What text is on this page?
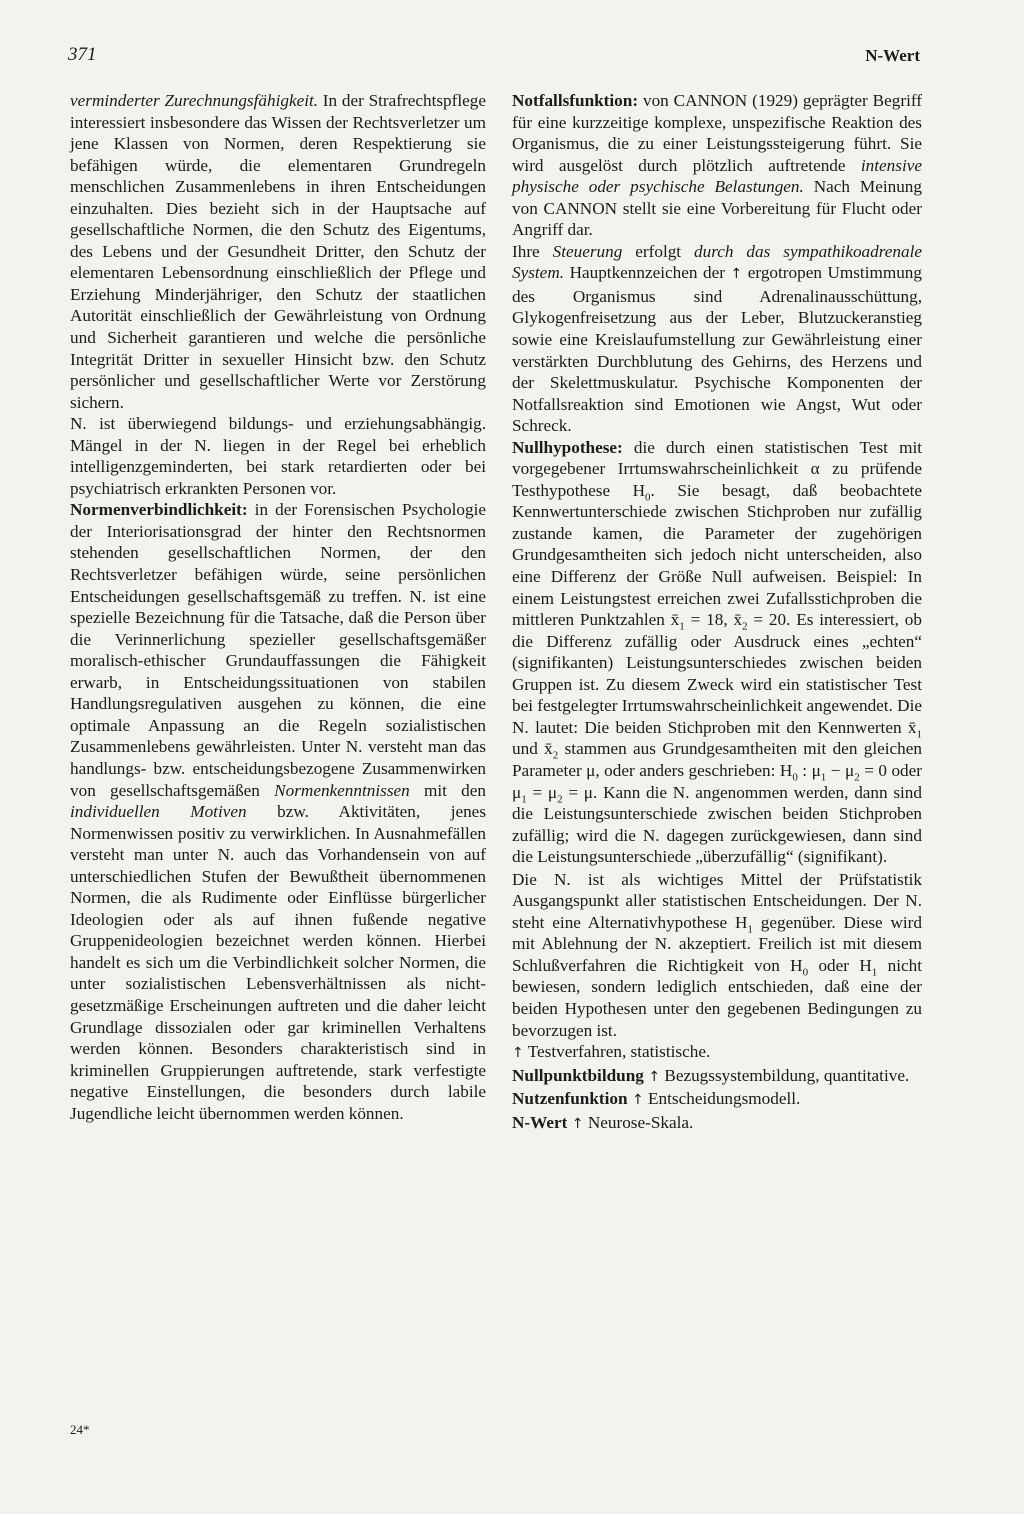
371	N-Wert

verminderter Zurechnungsfähigkeit. In der Strafrechtspflege interessiert insbesondere das Wissen der Rechtsverletzer um jene Klassen von Normen, deren Respektierung sie befähigen würde, die elementaren Grundregeln menschlichen Zusammenlebens in ihren Entscheidungen einzuhalten. Dies bezieht sich in der Hauptsache auf gesellschaftliche Normen, die den Schutz des Eigentums, des Lebens und der Gesundheit Dritter, den Schutz der elementaren Lebensordnung einschließlich der Pflege und Erziehung Minderjähriger, den Schutz der staatlichen Autorität einschließlich der Gewährleistung von Ordnung und Sicherheit garantieren und welche die persönliche Integrität Dritter in sexueller Hinsicht bzw. den Schutz persönlicher und gesellschaftlicher Werte vor Zerstörung sichern.

N. ist überwiegend bildungs- und erziehungsabhängig. Mängel in der N. liegen in der Regel bei erheblich intelligenzgeminderten, bei stark retardierten oder bei psychiatrisch erkrankten Personen vor.

Normenverbindlichkeit: in der Forensischen Psychologie der Interiorisationsgrad der hinter den Rechtsnormen stehenden gesellschaftlichen Normen, der den Rechtsverletzer befähigen würde, seine persönlichen Entscheidungen gesellschaftsgemäß zu treffen. N. ist eine spezielle Bezeichnung für die Tatsache, daß die Person über die Verinnerlichung spezieller gesellschaftsgemäßer moralisch-ethischer Grundauffassungen die Fähigkeit erwarb, in Entscheidungssituationen von stabilen Handlungsregulativen ausgehen zu können, die eine optimale Anpassung an die Regeln sozialistischen Zusammenlebens gewährleisten. Unter N. versteht man das handlungs- bzw. entscheidungsbezogene Zusammenwirken von gesellschaftsgemäßen Normenkenntnissen mit den individuellen Motiven bzw. Aktivitäten, jenes Normenwissen positiv zu verwirklichen. In Ausnahmefällen versteht man unter N. auch das Vorhandensein von auf unterschiedlichen Stufen der Bewußtheit übernommenen Normen, die als Rudimente oder Einflüsse bürgerlicher Ideologien oder als auf ihnen fußende negative Gruppenideologien bezeichnet werden können. Hierbei handelt es sich um die Verbindlichkeit solcher Normen, die unter sozialistischen Lebensverhältnissen als nicht-gesetzmäßige Erscheinungen auftreten und die daher leicht Grundlage dissozialen oder gar kriminellen Verhaltens werden können. Besonders charakteristisch sind in kriminellen Gruppierungen auftretende, stark verfestigte negative Einstellungen, die besonders durch labile Jugendliche leicht übernommen werden können.

Notfallsfunktion: von CANNON (1929) geprägter Begriff für eine kurzzeitige komplexe, unspezifische Reaktion des Organismus, die zu einer Leistungssteigerung führt. Sie wird ausgelöst durch plötzlich auftretende intensive physische oder psychische Belastungen. Nach Meinung von CANNON stellt sie eine Vorbereitung für Flucht oder Angriff dar.

Ihre Steuerung erfolgt durch das sympathikoadrenale System. Hauptkennzeichen der ↑ ergotropen Umstimmung des Organismus sind Adrenalinausschüttung, Glykogenfreisetzung aus der Leber, Blutzuckeranstieg sowie eine Kreislaufumstellung zur Gewährleistung einer verstärkten Durchblutung des Gehirns, des Herzens und der Skelettmuskulatur. Psychische Komponenten der Notfallsreaktion sind Emotionen wie Angst, Wut oder Schreck.

Nullhypothese: die durch einen statistischen Test mit vorgegebener Irrtumswahrscheinlichkeit α zu prüfende Testhypothese $H_0$. Sie besagt, daß beobachtete Kennwertunterschiede zwischen Stichproben nur zufällig zustande kamen, die Parameter der zugehörigen Grundgesamtheiten sich jedoch nicht unterscheiden, also eine Differenz der Größe Null aufweisen. Beispiel: In einem Leistungstest erreichen zwei Zufallsstichproben die mittleren Punktzahlen $x̄_1 = 18$, $x̄_2 = 20$. Es interessiert, ob die Differenz zufällig oder Ausdruck eines „echten“ (signifikanten) Leistungsunterschiedes zwischen beiden Gruppen ist. Zu diesem Zweck wird ein statistischer Test bei festgelegter Irrtumswahrscheinlichkeit angewendet. Die N. lautet: Die beiden Stichproben mit den Kennwerten $x̄_1$ und $x̄_2$ stammen aus Grundgesamtheiten mit den gleichen Parameter μ, oder anders geschrieben: $H_0$ : $\mu_1 - \mu_2 = 0$ oder $\mu_1 = \mu_2 = \mu$. Kann die N. angenommen werden, dann sind die Leistungsunterschiede zwischen beiden Stichproben zufällig; wird die N. dagegen zurückgewiesen, dann sind die Leistungsunterschiede „überzufällig“ (signifikant).

Die N. ist als wichtiges Mittel der Prüfstatistik Ausgangspunkt aller statistischen Entscheidungen. Der N. steht eine Alternativhypothese $H_1$ gegenüber. Diese wird mit Ablehnung der N. akzeptiert. Freilich ist mit diesem Schlußverfahren die Richtigkeit von $H_0$ oder $H_1$ nicht bewiesen, sondern lediglich entschieden, daß eine der beiden Hypothesen unter den gegebenen Bedingungen zu bevorzugen ist.

↑ Testverfahren, statistische.

Nullpunktbildung ↑ Bezugssystembildung, quantitative.

Nutzenfunktion ↑ Entscheidungsmodell.

N-Wert ↑ Neurose-Skala.

24*
